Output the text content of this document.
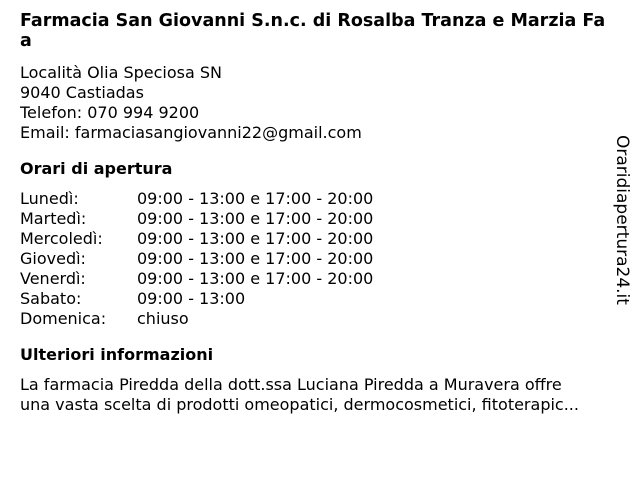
Farmacia San Giovanni S.n.c. di Rosalba Tranza e Marzia Faa
Località Olia Speciosa SN
9040 Castiadas
Telefon: 070 994 9200
Email: farmaciasangiovanni22@gmail.com
Orari di apertura
Lunedì:	09:00 - 13:00 e 17:00 - 20:00
Martedì:	09:00 - 13:00 e 17:00 - 20:00
Mercoledì:	09:00 - 13:00 e 17:00 - 20:00
Giovedì:	09:00 - 13:00 e 17:00 - 20:00
Venerdì:	09:00 - 13:00 e 17:00 - 20:00
Sabato:	09:00 - 13:00
Domenica:	chiuso
Ulteriori informazioni
La farmacia Piredda della dott.ssa Luciana Piredda a Muravera offre
una vasta scelta di prodotti omeopatici, dermocosmetici, fitoterapic...
Oraridiapertura24.it
